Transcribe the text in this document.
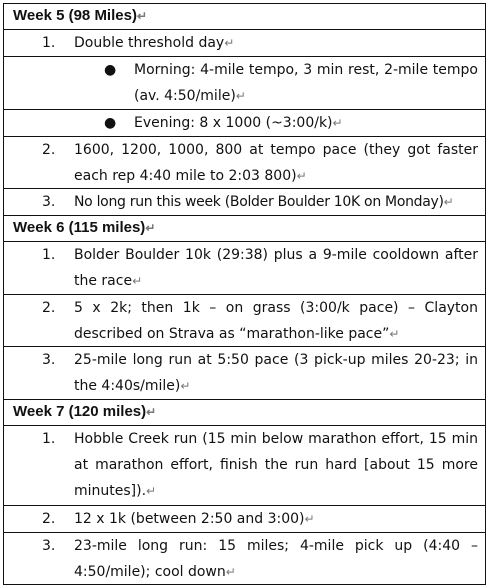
Week 5 (98 Miles) ↵
1. Double threshold day ↵
● Morning: 4-mile tempo, 3 min rest, 2-mile tempo (av. 4:50/mile) ↵
● Evening: 8 x 1000 (~3:00/k) ↵
2. 1600, 1200, 1000, 800 at tempo pace (they got faster each rep 4:40 mile to 2:03 800) ↵
3. No long run this week (Bolder Boulder 10K on Monday) ↵
Week 6 (115 miles) ↵
1. Bolder Boulder 10k (29:38) plus a 9-mile cooldown after the race ↵
2. 5 x 2k; then 1k – on grass (3:00/k pace) – Clayton described on Strava as “marathon-like pace” ↵
3. 25-mile long run at 5:50 pace (3 pick-up miles 20-23; in the 4:40s/mile) ↵
Week 7 (120 miles) ↵
1. Hobble Creek run (15 min below marathon effort, 15 min at marathon effort, finish the run hard [about 15 more minutes]). ↵
2. 12 x 1k (between 2:50 and 3:00) ↵
3. 23-mile long run: 15 miles; 4-mile pick up (4:40 – 4:50/mile); cool down ↵
